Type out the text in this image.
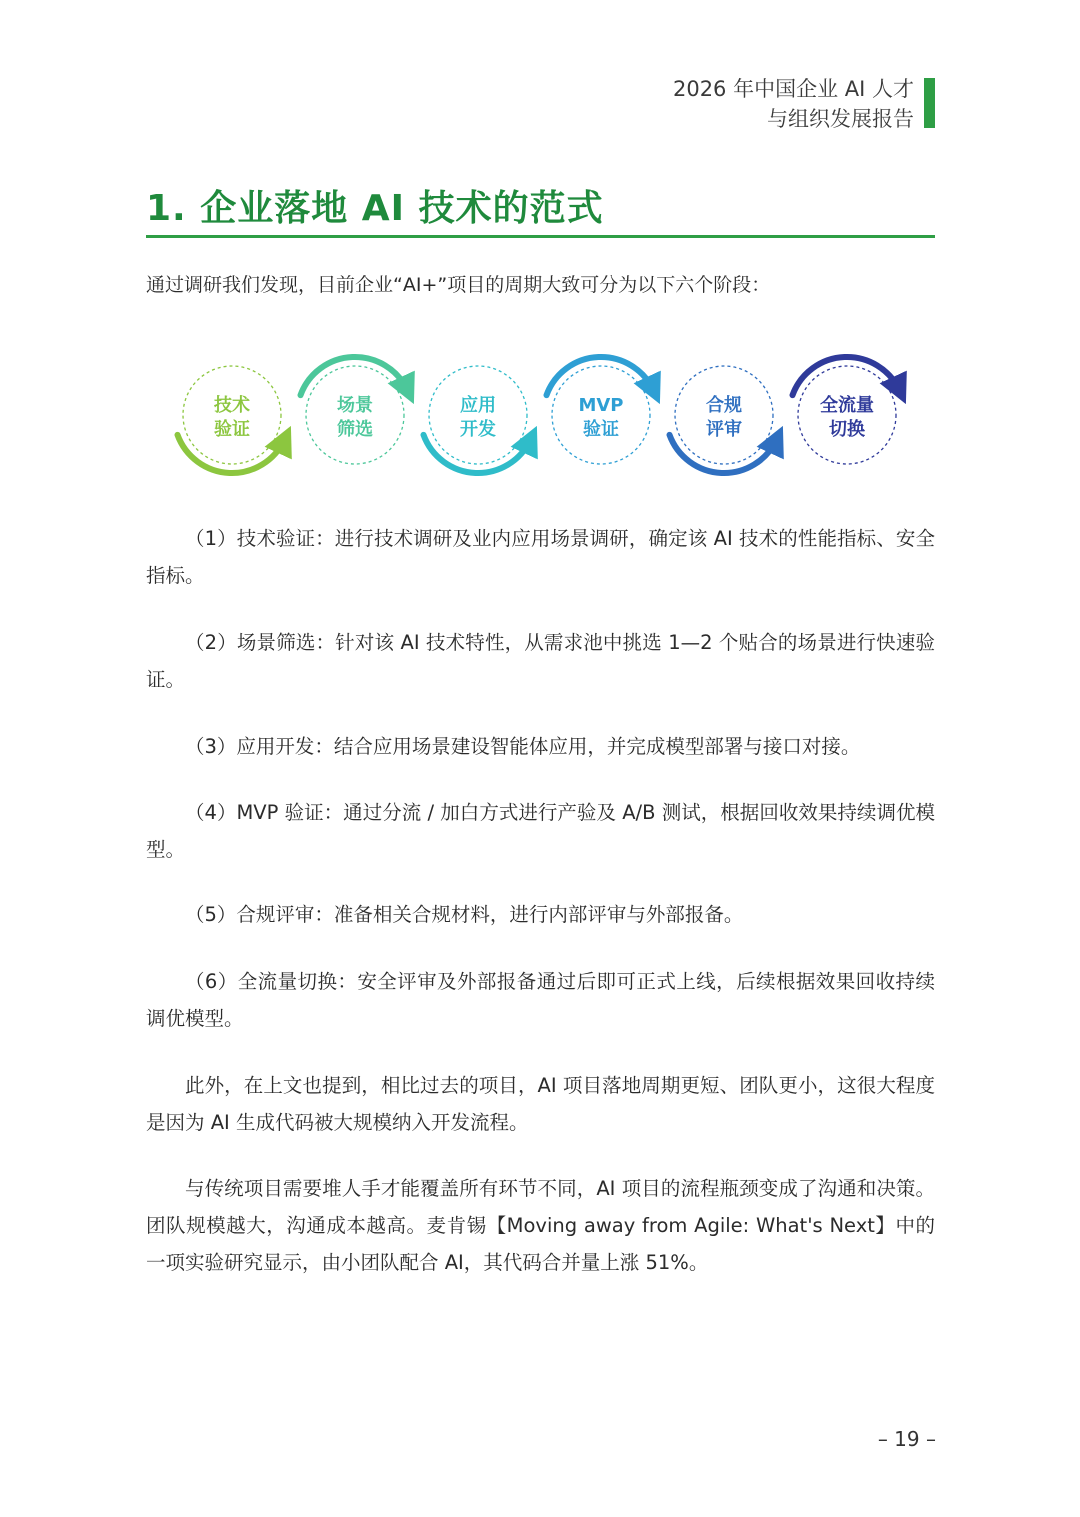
2026 年中国企业 AI 人才
与组织发展报告
1. 企业落地 AI 技术的范式
通过调研我们发现，目前企业“AI+”项目的周期大致可分为以下六个阶段：
技术
验证
场景
筛选
应用
开发
MVP
验证
合规
评审
全流量
切换
（1）技术验证：进行技术调研及业内应用场景调研，确定该 AI 技术的性能指标、安全指标。
（2）场景筛选：针对该 AI 技术特性，从需求池中挑选 1—2 个贴合的场景进行快速验证。
（3）应用开发：结合应用场景建设智能体应用，并完成模型部署与接口对接。
（4）MVP 验证：通过分流 / 加白方式进行产验及 A/B 测试，根据回收效果持续调优模型。
（5）合规评审：准备相关合规材料，进行内部评审与外部报备。
（6）全流量切换：安全评审及外部报备通过后即可正式上线，后续根据效果回收持续调优模型。
此外，在上文也提到，相比过去的项目，AI 项目落地周期更短、团队更小，这很大程度是因为 AI 生成代码被大规模纳入开发流程。
与传统项目需要堆人手才能覆盖所有环节不同，AI 项目的流程瓶颈变成了沟通和决策。团队规模越大，沟通成本越高。麦肯锡【Moving away from Agile: What's Next】中的一项实验研究显示，由小团队配合 AI，其代码合并量上涨 51%。
– 19 –
